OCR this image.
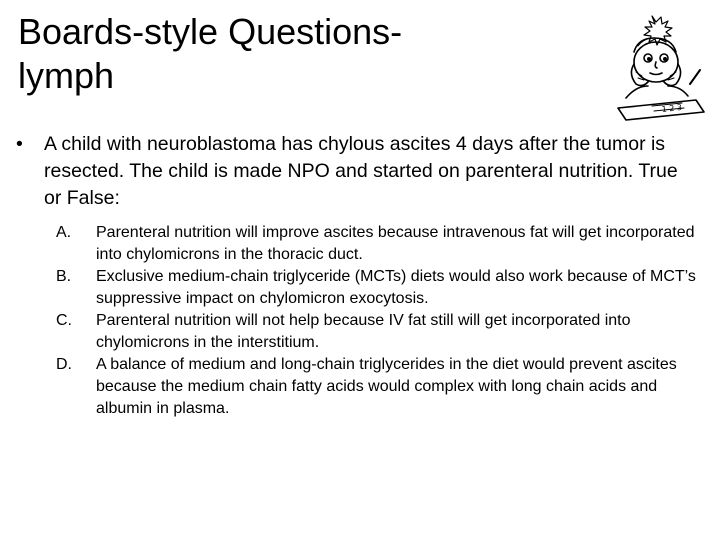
Boards-style Questions-
lymph
1 2 3
•	A child with neuroblastoma has chylous ascites 4 days after the tumor is resected. The child is made NPO and started on parenteral nutrition. True or False:
A. Parenteral nutrition will improve ascites because intravenous fat will get incorporated into chylomicrons in the thoracic duct.
B. Exclusive medium-chain triglyceride (MCTs) diets would also work because of MCT’s suppressive impact on chylomicron exocytosis.
C. Parenteral nutrition will not help because IV fat still will get incorporated into chylomicrons in the interstitium.
D. A balance of medium and long-chain triglycerides in the diet would prevent ascites because the medium chain fatty acids would complex with long chain acids and albumin in plasma.
